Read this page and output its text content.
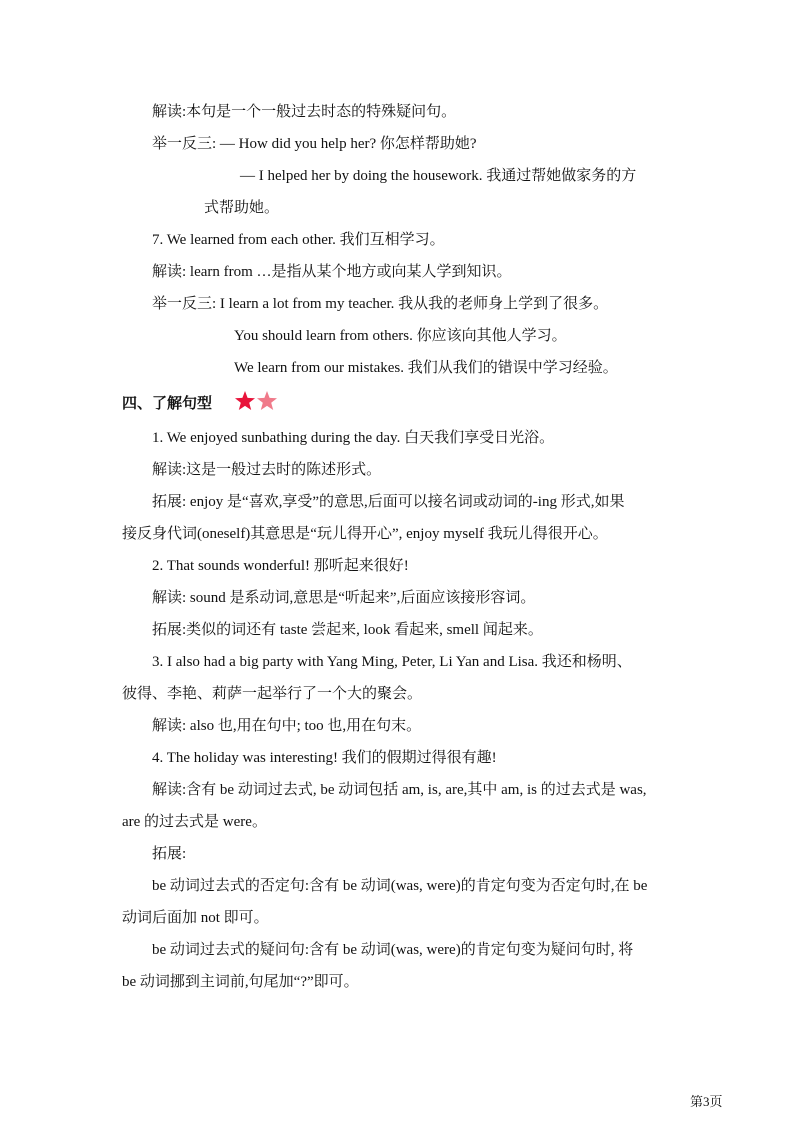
解读:本句是一个一般过去时态的特殊疑问句。
举一反三: — How did you help her? 你怎样帮助她?
— I helped her by doing the housework. 我通过帮她做家务的方
式帮助她。
7. We learned from each other. 我们互相学习。
解读: learn from …是指从某个地方或向某人学到知识。
举一反三: I learn a lot from my teacher. 我从我的老师身上学到了很多。
You should learn from others. 你应该向其他人学习。
We learn from our mistakes. 我们从我们的错误中学习经验。
四、了解句型
1. We enjoyed sunbathing during the day. 白天我们享受日光浴。
解读:这是一般过去时的陈述形式。
拓展: enjoy 是“喜欢,享受”的意思,后面可以接名词或动词的-ing 形式,如果
接反身代词(oneself)其意思是“玩儿得开心”, enjoy myself 我玩儿得很开心。
2. That sounds wonderful! 那听起来很好!
解读: sound 是系动词,意思是“听起来”,后面应该接形容词。
拓展:类似的词还有 taste 尝起来, look 看起来, smell 闻起来。
3. I also had a big party with Yang Ming, Peter, Li Yan and Lisa. 我还和杨明、
彼得、李艳、莉萨一起举行了一个大的聚会。
解读: also 也,用在句中; too 也,用在句末。
4. The holiday was interesting! 我们的假期过得很有趣!
解读:含有 be 动词过去式, be 动词包括 am, is, are,其中 am, is 的过去式是 was,
are 的过去式是 were。
拓展:
be 动词过去式的否定句:含有 be 动词(was, were)的肯定句变为否定句时,在 be
动词后面加 not 即可。
be 动词过去式的疑问句:含有 be 动词(was, were)的肯定句变为疑问句时, 将
be 动词挪到主词前,句尾加“?”即可。
第3页
